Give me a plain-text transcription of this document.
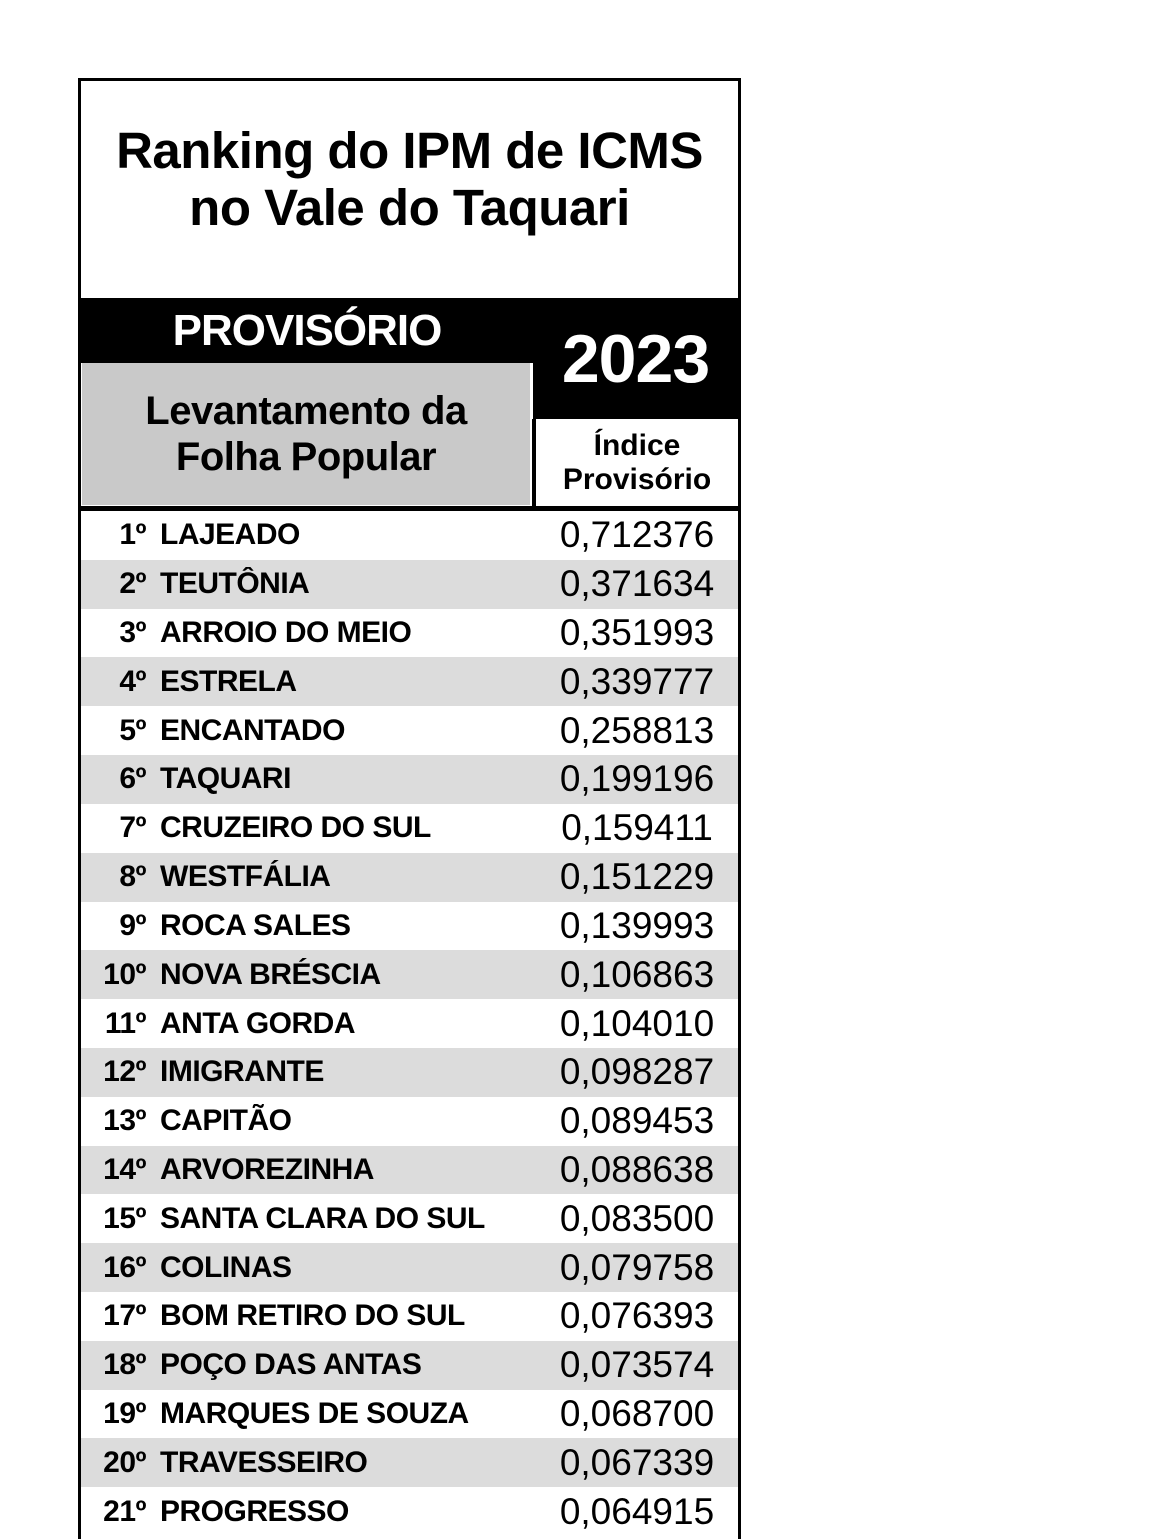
Ranking do IPM de ICMS
no Vale do Taquari
PROVISÓRIO	2023
Levantamento da
Folha Popular	Índice
Provisório
1º LAJEADO	0,712376
2º TEUTÔNIA	0,371634
3º ARROIO DO MEIO	0,351993
4º ESTRELA	0,339777
5º ENCANTADO	0,258813
6º TAQUARI	0,199196
7º CRUZEIRO DO SUL	0,159411
8º WESTFÁLIA	0,151229
9º ROCA SALES	0,139993
10º NOVA BRÉSCIA	0,106863
11º ANTA GORDA	0,104010
12º IMIGRANTE	0,098287
13º CAPITÃO	0,089453
14º ARVOREZINHA	0,088638
15º SANTA CLARA DO SUL	0,083500
16º COLINAS	0,079758
17º BOM RETIRO DO SUL	0,076393
18º POÇO DAS ANTAS	0,073574
19º MARQUES DE SOUZA	0,068700
20º TRAVESSEIRO	0,067339
21º PROGRESSO	0,064915
